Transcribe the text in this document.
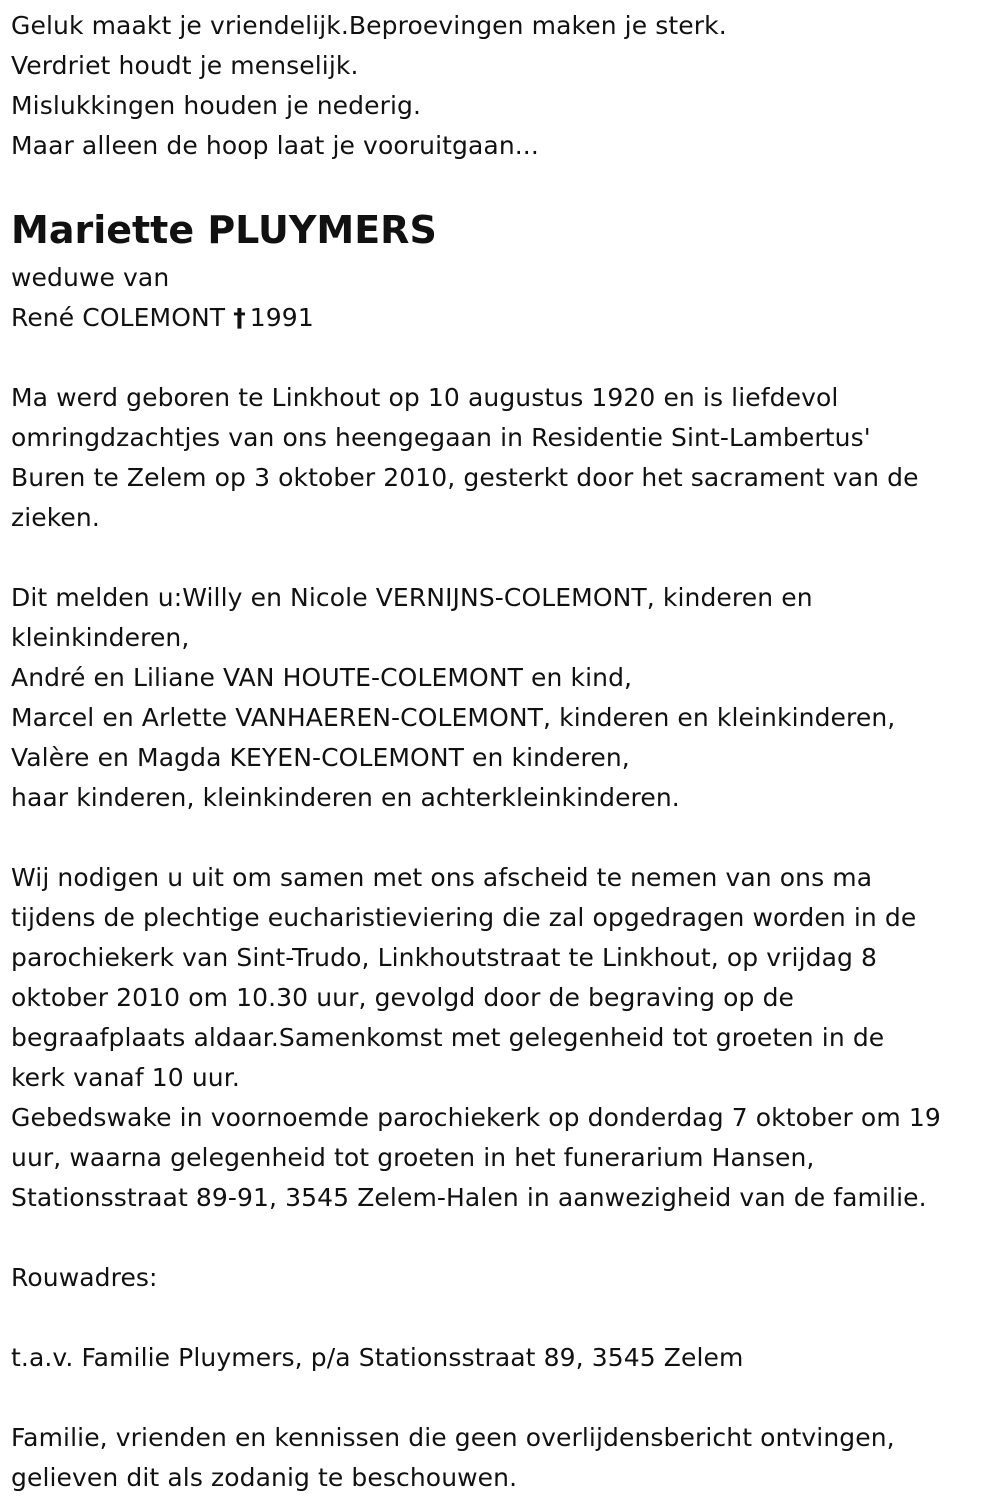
Geluk maakt je vriendelijk.Beproevingen maken je sterk.
Verdriet houdt je menselijk.
Mislukkingen houden je nederig.
Maar alleen de hoop laat je vooruitgaan...
Mariette PLUYMERS
weduwe van
René COLEMONT † 1991
Ma werd geboren te Linkhout op 10 augustus 1920 en is liefdevol
omringdzachtjes van ons heengegaan in Residentie Sint-Lambertus'
Buren te Zelem op 3 oktober 2010, gesterkt door het sacrament van de
zieken.
Dit melden u:Willy en Nicole VERNIJNS-COLEMONT, kinderen en
kleinkinderen,
André en Liliane VAN HOUTE-COLEMONT en kind,
Marcel en Arlette VANHAEREN-COLEMONT, kinderen en kleinkinderen,
Valère en Magda KEYEN-COLEMONT en kinderen,
haar kinderen, kleinkinderen en achterkleinkinderen.
Wij nodigen u uit om samen met ons afscheid te nemen van ons ma
tijdens de plechtige eucharistieviering die zal opgedragen worden in de
parochiekerk van Sint-Trudo, Linkhoutstraat te Linkhout, op vrijdag 8
oktober 2010 om 10.30 uur, gevolgd door de begraving op de
begraafplaats aldaar.Samenkomst met gelegenheid tot groeten in de
kerk vanaf 10 uur.
Gebedswake in voornoemde parochiekerk op donderdag 7 oktober om 19
uur, waarna gelegenheid tot groeten in het funerarium Hansen,
Stationsstraat 89-91, 3545 Zelem-Halen in aanwezigheid van de familie.
Rouwadres:
t.a.v. Familie Pluymers, p/a Stationsstraat 89, 3545 Zelem
Familie, vrienden en kennissen die geen overlijdensbericht ontvingen,
gelieven dit als zodanig te beschouwen.
